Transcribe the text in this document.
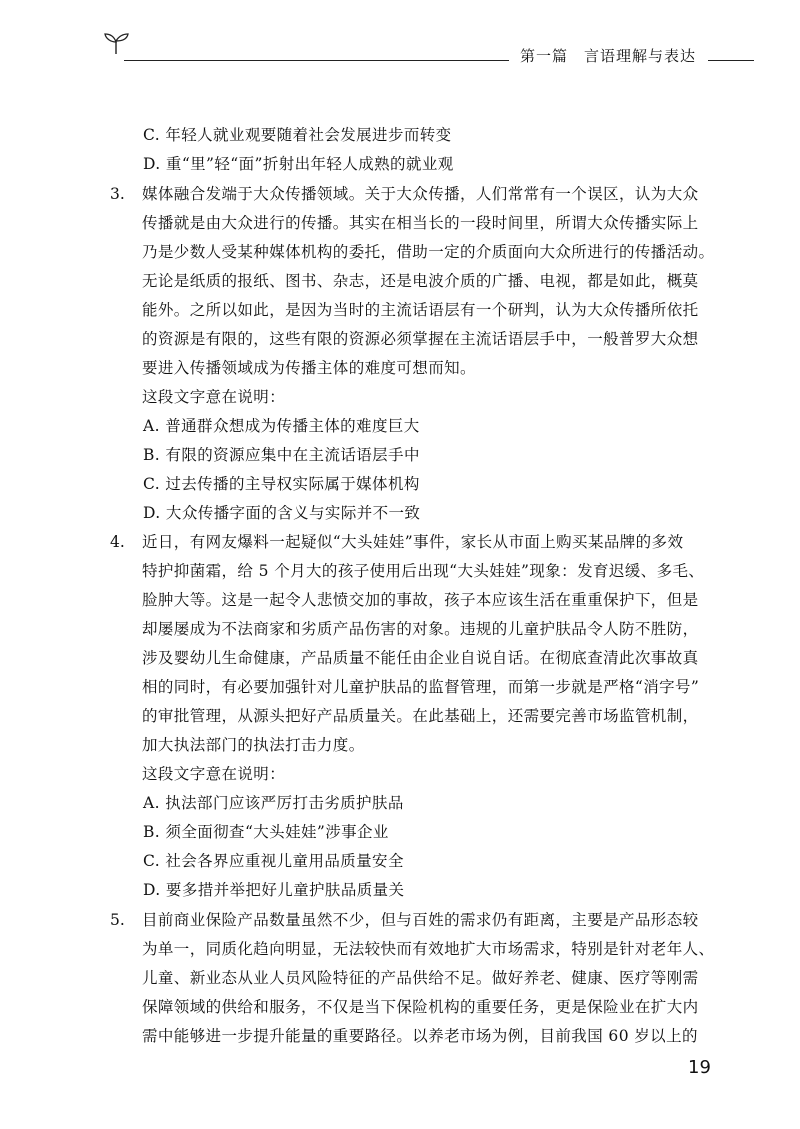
第一篇 言语理解与表达
C. 年轻人就业观要随着社会发展进步而转变
D. 重“里”轻“面”折射出年轻人成熟的就业观
3. 媒体融合发端于大众传播领域。关于大众传播，人们常常有一个误区，认为大众
传播就是由大众进行的传播。其实在相当长的一段时间里，所谓大众传播实际上
乃是少数人受某种媒体机构的委托，借助一定的介质面向大众所进行的传播活动。
无论是纸质的报纸、图书、杂志，还是电波介质的广播、电视，都是如此，概莫
能外。之所以如此，是因为当时的主流话语层有一个研判，认为大众传播所依托
的资源是有限的，这些有限的资源必须掌握在主流话语层手中，一般普罗大众想
要进入传播领域成为传播主体的难度可想而知。
这段文字意在说明：
A. 普通群众想成为传播主体的难度巨大
B. 有限的资源应集中在主流话语层手中
C. 过去传播的主导权实际属于媒体机构
D. 大众传播字面的含义与实际并不一致
4. 近日，有网友爆料一起疑似“大头娃娃”事件，家长从市面上购买某品牌的多效
特护抑菌霜，给 5 个月大的孩子使用后出现“大头娃娃”现象：发育迟缓、多毛、
脸肿大等。这是一起令人悲愤交加的事故，孩子本应该生活在重重保护下，但是
却屡屡成为不法商家和劣质产品伤害的对象。违规的儿童护肤品令人防不胜防，
涉及婴幼儿生命健康，产品质量不能任由企业自说自话。在彻底查清此次事故真
相的同时，有必要加强针对儿童护肤品的监督管理，而第一步就是严格“消字号”
的审批管理，从源头把好产品质量关。在此基础上，还需要完善市场监管机制，
加大执法部门的执法打击力度。
这段文字意在说明：
A. 执法部门应该严厉打击劣质护肤品
B. 须全面彻查“大头娃娃”涉事企业
C. 社会各界应重视儿童用品质量安全
D. 要多措并举把好儿童护肤品质量关
5. 目前商业保险产品数量虽然不少，但与百姓的需求仍有距离，主要是产品形态较
为单一，同质化趋向明显，无法较快而有效地扩大市场需求，特别是针对老年人、
儿童、新业态从业人员风险特征的产品供给不足。做好养老、健康、医疗等刚需
保障领域的供给和服务，不仅是当下保险机构的重要任务，更是保险业在扩大内
需中能够进一步提升能量的重要路径。以养老市场为例，目前我国 60 岁以上的
19
